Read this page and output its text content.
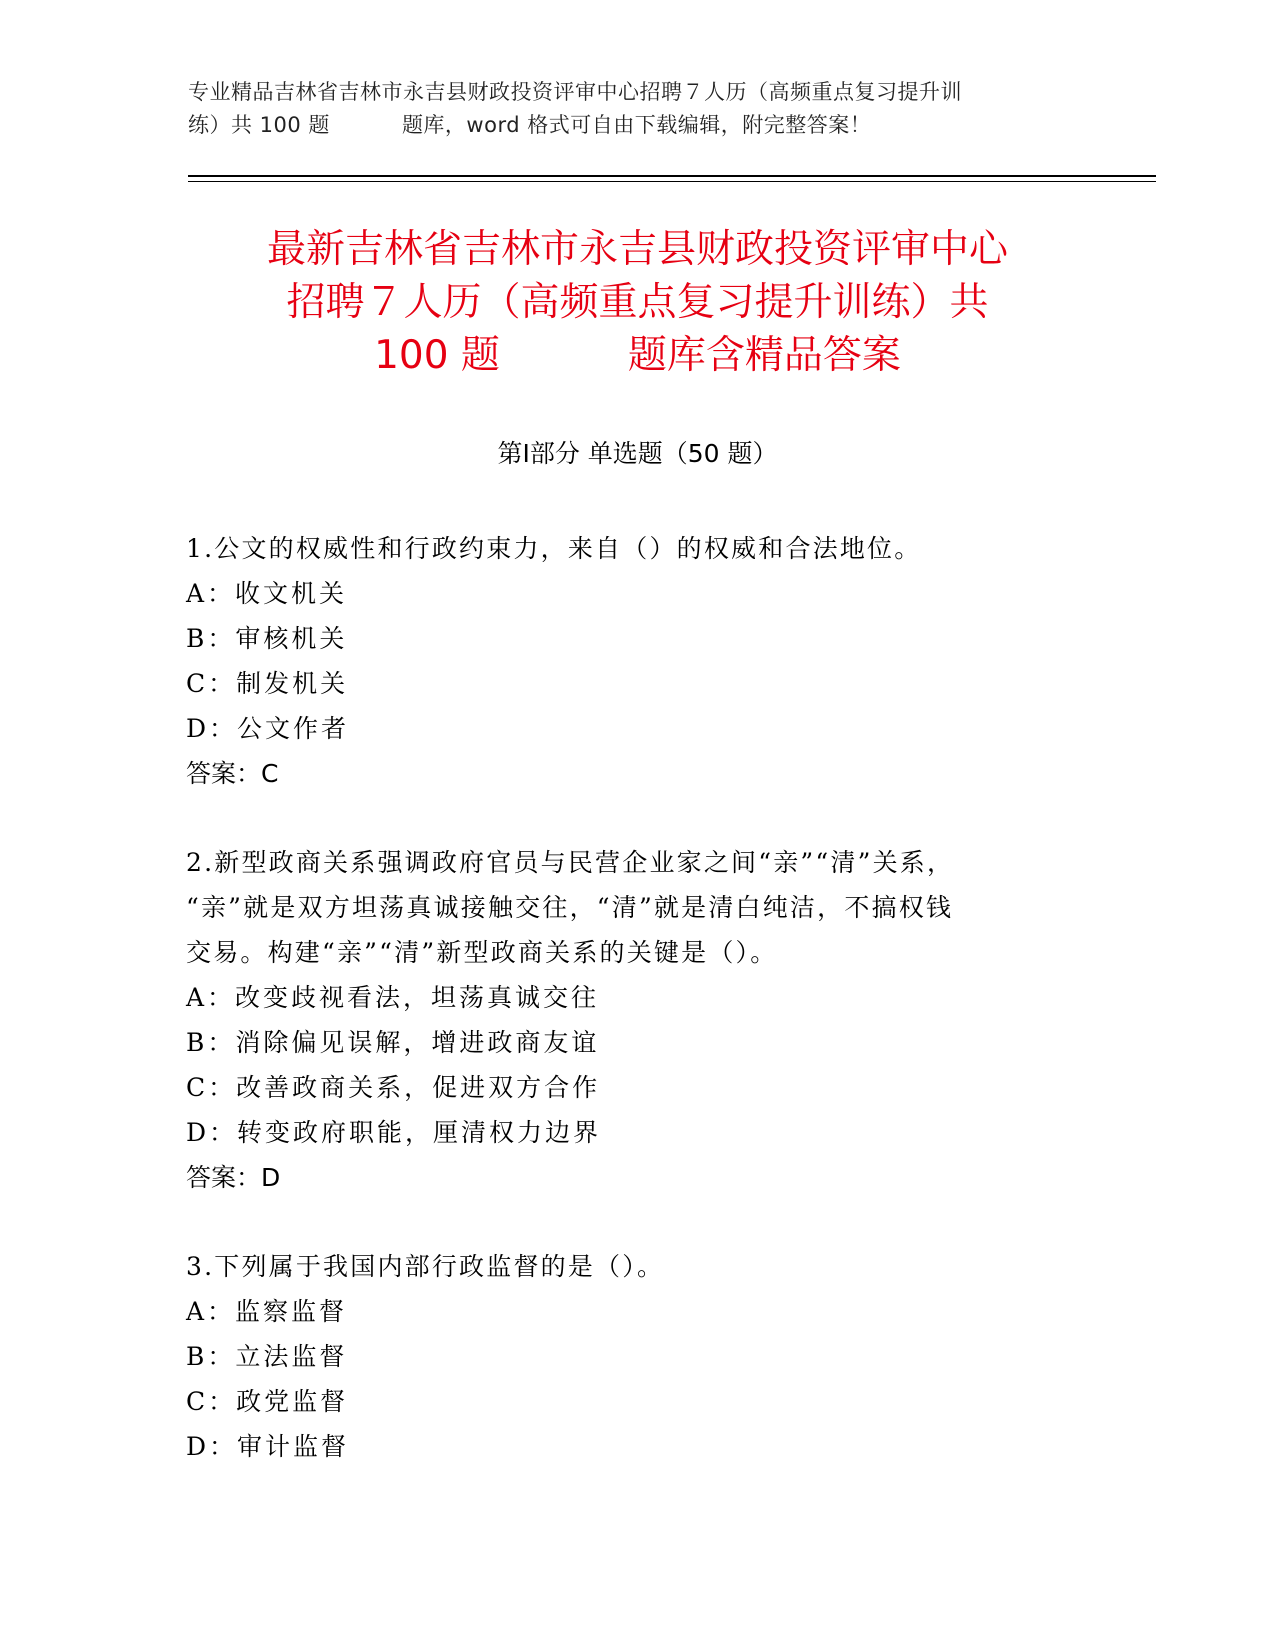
专业精品吉林省吉林市永吉县财政投资评审中心招聘７人历（高频重点复习提升训
练）共 100 题	题库，word 格式可自由下载编辑，附完整答案！
最新吉林省吉林市永吉县财政投资评审中心
招聘７人历（高频重点复习提升训练）共
100 题	题库含精品答案
第Ⅰ部分 单选题（50 题）
1.公文的权威性和行政约束力，来自（）的权威和合法地位。
A：收文机关
B：审核机关
C：制发机关
D：公文作者
答案：C
2.新型政商关系强调政府官员与民营企业家之间“亲”“清”关系，
“亲”就是双方坦荡真诚接触交往，“清”就是清白纯洁，不搞权钱
交易。构建“亲”“清”新型政商关系的关键是（）。
A：改变歧视看法，坦荡真诚交往
B：消除偏见误解，增进政商友谊
C：改善政商关系，促进双方合作
D：转变政府职能，厘清权力边界
答案：D
3.下列属于我国内部行政监督的是（）。
A：监察监督
B：立法监督
C：政党监督
D：审计监督
